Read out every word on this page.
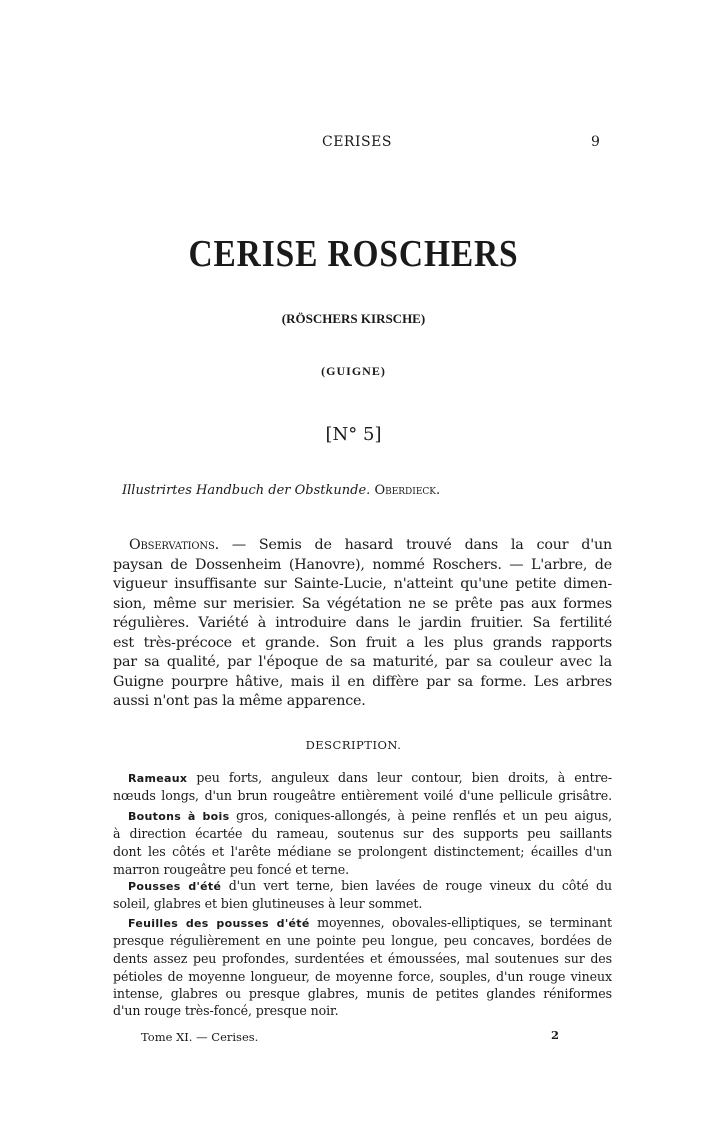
CERISES	9
CERISE ROSCHERS
(RÖSCHERS KIRSCHE)
(GUIGNE)
[N° 5]
Illustrirtes Handbuch der Obstkunde. Oberdieck.
Observations. — Semis de hasard trouvé dans la cour d'un
paysan de Dossenheim (Hanovre), nommé Roschers. — L'arbre, de
vigueur insuffisante sur Sainte-Lucie, n'atteint qu'une petite dimen-
sion, même sur merisier. Sa végétation ne se prête pas aux formes
régulières. Variété à introduire dans le jardin fruitier. Sa fertilité
est très-précoce et grande. Son fruit a les plus grands rapports
par sa qualité, par l'époque de sa maturité, par sa couleur avec la
Guigne pourpre hâtive, mais il en diffère par sa forme. Les arbres
aussi n'ont pas la même apparence.
DESCRIPTION.
Rameaux peu forts, anguleux dans leur contour, bien droits, à entre-
nœuds longs, d'un brun rougeâtre entièrement voilé d'une pellicule grisâtre.
Boutons à bois gros, coniques-allongés, à peine renflés et un peu aigus,
à direction écartée du rameau, soutenus sur des supports peu saillants
dont les côtés et l'arête médiane se prolongent distinctement; écailles d'un
marron rougeâtre peu foncé et terne.
Pousses d'été d'un vert terne, bien lavées de rouge vineux du côté du
soleil, glabres et bien glutineuses à leur sommet.
Feuilles des pousses d'été moyennes, obovales-elliptiques, se terminant
presque régulièrement en une pointe peu longue, peu concaves, bordées de
dents assez peu profondes, surdentées et émoussées, mal soutenues sur des
pétioles de moyenne longueur, de moyenne force, souples, d'un rouge vineux
intense, glabres ou presque glabres, munis de petites glandes réniformes
d'un rouge très-foncé, presque noir.
Tome XI. — Cerises.	2
